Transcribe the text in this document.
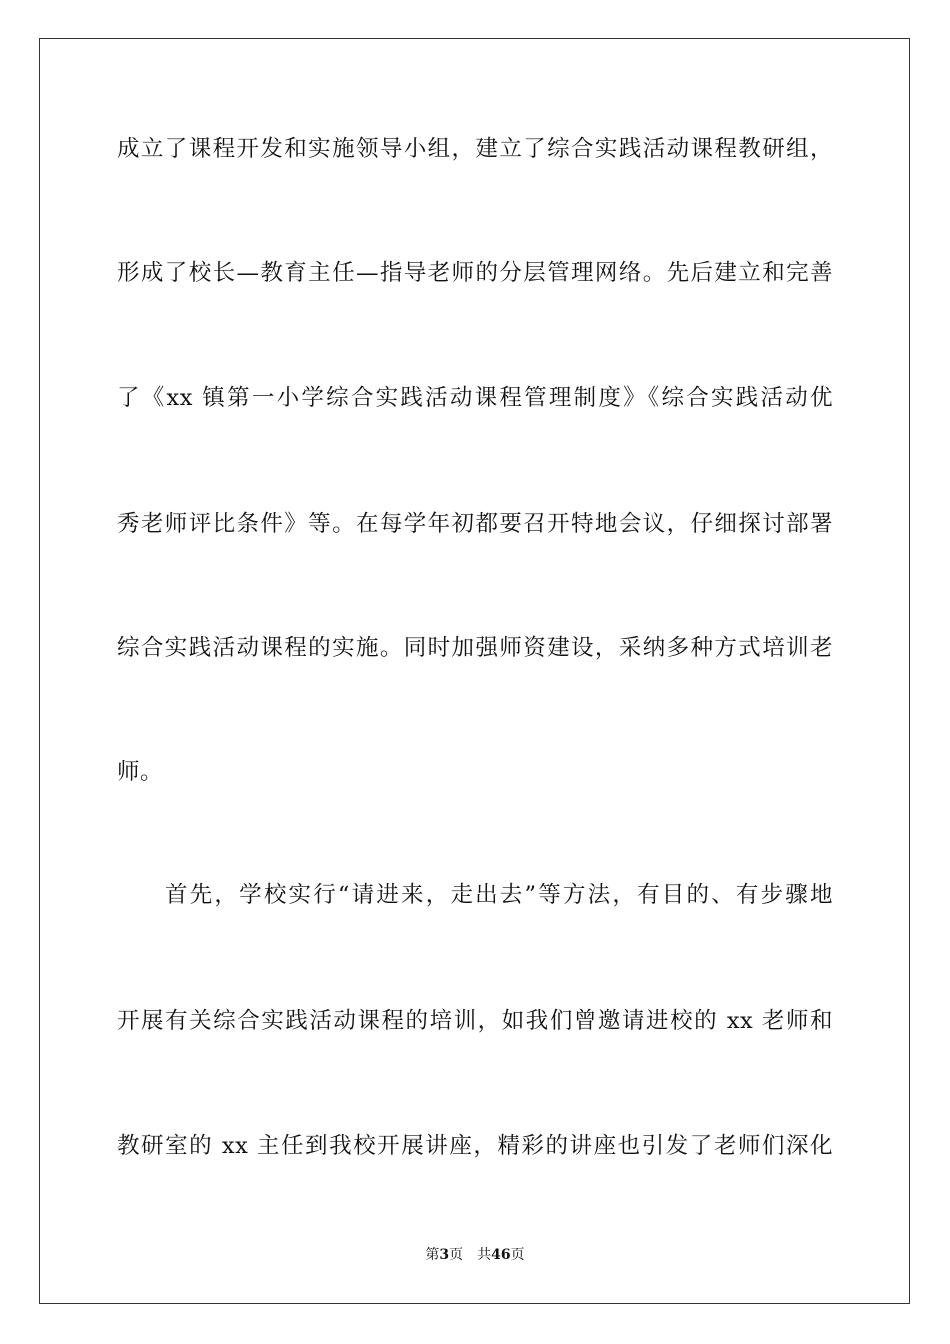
成立了课程开发和实施领导小组，建立了综合实践活动课程教研组，
形成了校长—教育主任—指导老师的分层管理网络。先后建立和完善
了《xx 镇第一小学综合实践活动课程管理制度》《综合实践活动优
秀老师评比条件》等。在每学年初都要召开特地会议，仔细探讨部署
综合实践活动课程的实施。同时加强师资建设，采纳多种方式培训老
师。
首先，学校实行“请进来，走出去”等方法，有目的、有步骤地
开展有关综合实践活动课程的培训，如我们曾邀请进校的 xx 老师和
教研室的 xx 主任到我校开展讲座，精彩的讲座也引发了老师们深化
第3页 共46页
